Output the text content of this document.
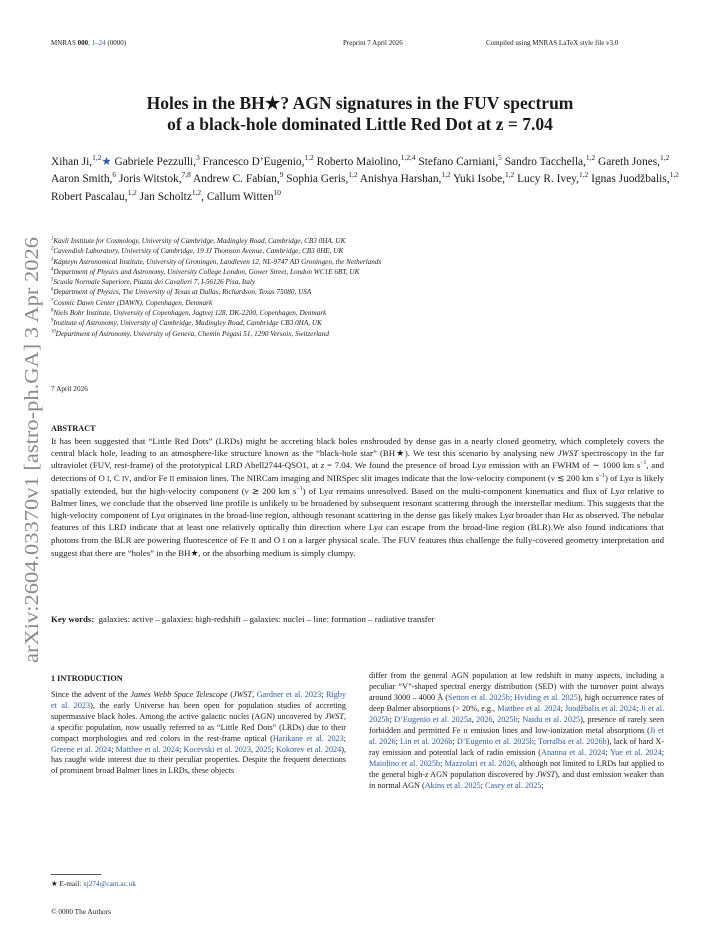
MNRAS 000, 1–24 (0000)	Preprint 7 April 2026	Compiled using MNRAS LaTeX style file v3.0
Holes in the BH★? AGN signatures in the FUV spectrum
of a black-hole dominated Little Red Dot at z = 7.04
Xihan Ji,$^{1,2}$★ Gabriele Pezzulli,$^3$ Francesco D’Eugenio,$^{1,2}$ Roberto Maiolino,$^{1,2,4}$ Stefano Carniani,$^5$ Sandro Tacchella,$^{1,2}$ Gareth Jones,$^{1,2}$ Aaron Smith,$^6$ Joris Witstok,$^{7,8}$ Andrew C. Fabian,$^9$ Sophia Geris,$^{1,2}$ Anishya Harshan,$^{1,2}$ Yuki Isobe,$^{1,2}$ Lucy R. Ivey,$^{1,2}$ Ignas Juodžbalis,$^{1,2}$ Robert Pascalau,$^{1,2}$ Jan Scholtz$^{1,2}$, Callum Witten$^{10}$
$^1$Kavli Institute for Cosmology, University of Cambridge, Madingley Road, Cambridge, CB3 0HA, UK
$^2$Cavendish Laboratory, University of Cambridge, 19 JJ Thomson Avenue, Cambridge, CB3 0HE, UK
$^3$Kapteyn Astronomical Institute, University of Groningen, Landleven 12, NL-9747 AD Groningen, the Netherlands
$^4$Department of Physics and Astronomy, University College London, Gower Street, London WC1E 6BT, UK
$^5$Scuola Normale Superiore, Piazza dei Cavalieri 7, I-56126 Pisa, Italy
$^6$Department of Physics, The University of Texas at Dallas, Richardson, Texas 75080, USA
$^7$Cosmic Dawn Center (DAWN), Copenhagen, Denmark
$^8$Niels Bohr Institute, University of Copenhagen, Jagtvej 128, DK-2200, Copenhagen, Denmark
$^9$Institute of Astronomy, University of Cambridge, Madingley Road, Cambridge CB3 0HA, UK
$^{10}$Department of Astronomy, University of Geneva, Chemin Pegasi 51, 1290 Versoix, Switzerland
7 April 2026
ABSTRACT
It has been suggested that “Little Red Dots” (LRDs) might be accreting black holes enshrouded by dense gas in a nearly closed geometry, which completely covers the central black hole, leading to an atmosphere-like structure known as the “black-hole star” (BH★). We test this scenario by analysing new JWST spectroscopy in the far ultraviolet (FUV, rest-frame) of the prototypical LRD Abell2744-QSO1, at z = 7.04. We found the presence of broad Lyα emission with an FWHM of ∼ 1000 km $s^{-1}$, and detections of O I, C IV, and/or Fe II emission lines. The NIRCam imaging and NIRSpec slit images indicate that the low-velocity component (v ≲ 200 km $s^{-1}$) of Lyα is likely spatially extended, but the high-velocity component (v ≳ 200 km $s^{-1}$) of Lyα remains unresolved. Based on the multi-component kinematics and flux of Lyα relative to Balmer lines, we conclude that the observed line profile is unlikely to be broadened by subsequent resonant scattering through the interstellar medium. This suggests that the high-velocity component of Lyα originates in the broad-line region, although resonant scattering in the dense gas likely makes Lyα broader than Hα as observed. The nebular features of this LRD indicate that at least one relatively optically thin direction where Lyα can escape from the broad-line region (BLR).We also found indications that photons from the BLR are powering fluorescence of Fe II and O I on a larger physical scale. The FUV features thus challenge the fully-covered geometry interpretation and suggest that there are “holes” in the BH★, or the absorbing medium is simply clumpy.
Key words: galaxies: active – galaxies: high-redshift – galaxies: nuclei – line: formation – radiative transfer
1 INTRODUCTION
Since the advent of the James Webb Space Telescope (JWST, Gardner et al. 2023; Rigby et al. 2023), the early Universe has been open for population studies of accreting supermassive black holes. Among the active galactic nuclei (AGN) uncovered by JWST, a specific population, now usually referred to as “Little Red Dots” (LRDs) due to their compact morphologies and red colors in the rest-frame optical (Harikane et al. 2023; Greene et al. 2024; Matthee et al. 2024; Kocevski et al. 2023, 2025; Kokorev et al. 2024), has caught wide interest due to their peculiar properties. Despite the frequent detections of prominent broad Balmer lines in LRDs, these objects
differ from the general AGN population at low redshift in many aspects, including a peculiar “V”-shaped spectral energy distribution (SED) with the turnover point always around 3000 – 4000 Å (Setton et al. 2025b; Hviding et al. 2025), high occurrence rates of deep Balmer absorptions (> 20%, e.g., Matthee et al. 2024; Juodžbalis et al. 2024; Ji et al. 2025b; D’Eugenio et al. 2025a, 2026, 2025b; Naidu et al. 2025), presence of rarely seen forbidden and permitted Fe II emission lines and low-ionization metal absorptions (Ji et al. 2026; Lin et al. 2026b; D’Eugenio et al. 2025b; Torralba et al. 2026b), lack of hard X-ray emission and potential lack of radio emission (Ananna et al. 2024; Yue et al. 2024; Maiolino et al. 2025b; Mazzolari et al. 2026, although not limited to LRDs but applied to the general high-z AGN population discovered by JWST), and dust emission weaker than in normal AGN (Akins et al. 2025; Casey et al. 2025;
★ E-mail: xj274@cam.ac.uk
© 0000 The Authors
arXiv:2604.03370v1 [astro-ph.GA] 3 Apr 2026
